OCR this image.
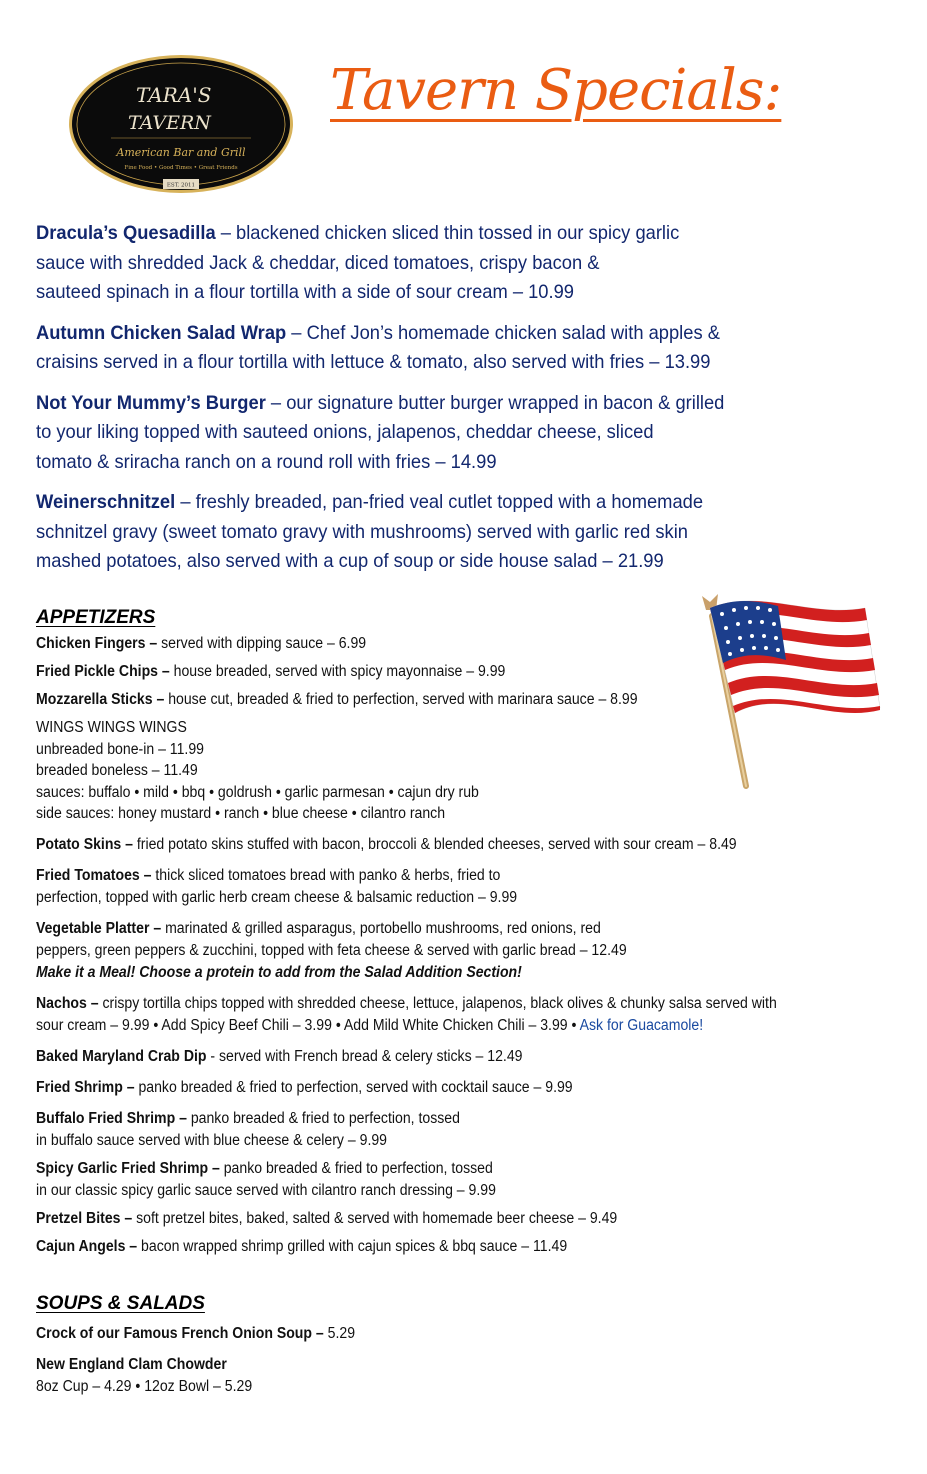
TARA'S
TAVERN
American Bar and Grill
Fine Food • Good Times • Great Friends
EST. 2011
Tavern Specials:
Dracula’s Quesadilla – blackened chicken sliced thin tossed in our spicy garlic
sauce with shredded Jack & cheddar, diced tomatoes, crispy bacon &
sauteed spinach in a flour tortilla with a side of sour cream – 10.99
Autumn Chicken Salad Wrap – Chef Jon’s homemade chicken salad with apples &
craisins served in a flour tortilla with lettuce & tomato, also served with fries – 13.99
Not Your Mummy’s Burger – our signature butter burger wrapped in bacon & grilled
to your liking topped with sauteed onions, jalapenos, cheddar cheese, sliced
tomato & sriracha ranch on a round roll with fries – 14.99
Weinerschnitzel – freshly breaded, pan-fried veal cutlet topped with a homemade
schnitzel gravy (sweet tomato gravy with mushrooms) served with garlic red skin
mashed potatoes, also served with a cup of soup or side house salad – 21.99
APPETIZERS
Chicken Fingers – served with dipping sauce – 6.99
Fried Pickle Chips – house breaded, served with spicy mayonnaise – 9.99
Mozzarella Sticks – house cut, breaded & fried to perfection, served with marinara sauce – 8.99
WINGS WINGS WINGS
unbreaded bone-in – 11.99
breaded boneless – 11.49
sauces: buffalo • mild • bbq • goldrush • garlic parmesan • cajun dry rub
side sauces: honey mustard • ranch • blue cheese • cilantro ranch
Potato Skins – fried potato skins stuffed with bacon, broccoli & blended cheeses, served with sour cream – 8.49
Fried Tomatoes – thick sliced tomatoes bread with panko & herbs, fried to
perfection, topped with garlic herb cream cheese & balsamic reduction – 9.99
Vegetable Platter – marinated & grilled asparagus, portobello mushrooms, red onions, red
peppers, green peppers & zucchini, topped with feta cheese & served with garlic bread – 12.49
Make it a Meal! Choose a protein to add from the Salad Addition Section!
Nachos – crispy tortilla chips topped with shredded cheese, lettuce, jalapenos, black olives & chunky salsa served with
sour cream – 9.99 • Add Spicy Beef Chili – 3.99 • Add Mild White Chicken Chili – 3.99 • Ask for Guacamole!
Baked Maryland Crab Dip - served with French bread & celery sticks – 12.49
Fried Shrimp – panko breaded & fried to perfection, served with cocktail sauce – 9.99
Buffalo Fried Shrimp – panko breaded & fried to perfection, tossed
in buffalo sauce served with blue cheese & celery – 9.99
Spicy Garlic Fried Shrimp – panko breaded & fried to perfection, tossed
in our classic spicy garlic sauce served with cilantro ranch dressing – 9.99
Pretzel Bites – soft pretzel bites, baked, salted & served with homemade beer cheese – 9.49
Cajun Angels – bacon wrapped shrimp grilled with cajun spices & bbq sauce – 11.49
SOUPS & SALADS
Crock of our Famous French Onion Soup – 5.29
New England Clam Chowder
8oz Cup – 4.29 • 12oz Bowl – 5.29
